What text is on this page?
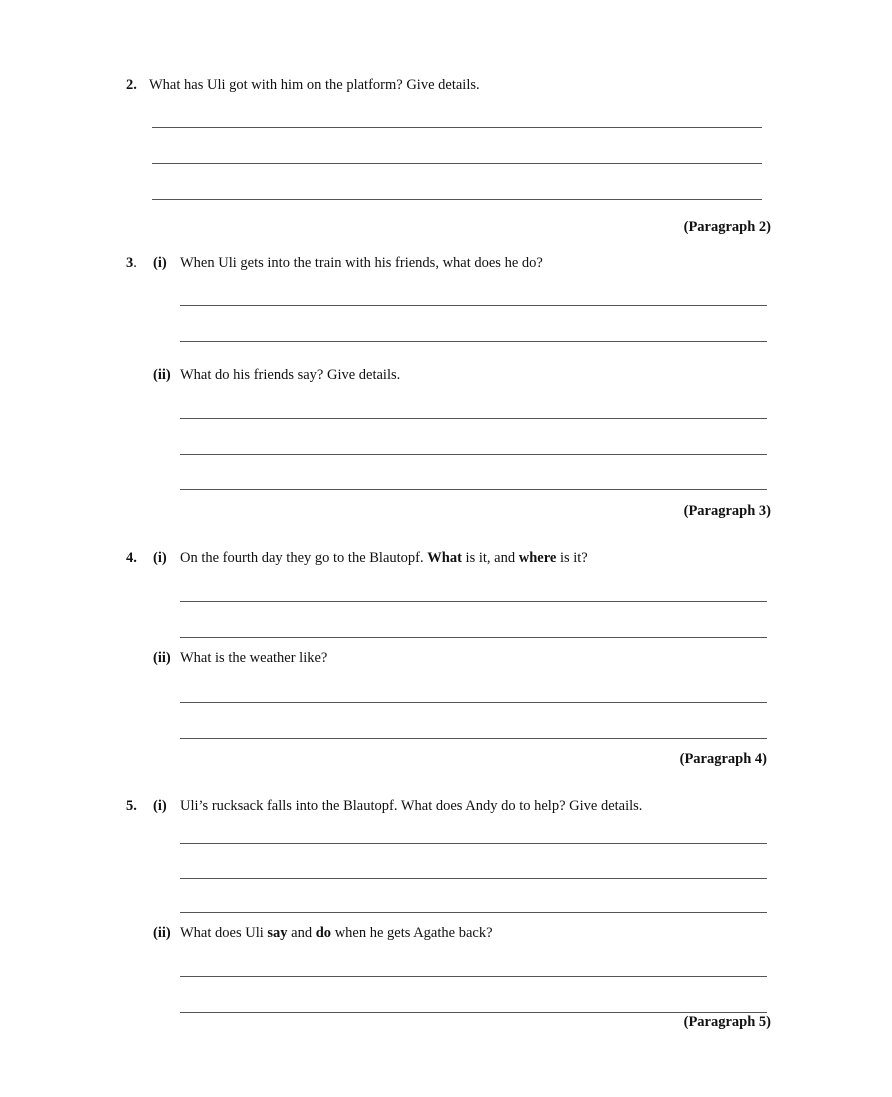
2. What has Uli got with him on the platform? Give details.
(Paragraph 2)
3. (i) When Uli gets into the train with his friends, what does he do?
(ii) What do his friends say? Give details.
(Paragraph 3)
4. (i) On the fourth day they go to the Blautopf. What is it, and where is it?
(ii) What is the weather like?
(Paragraph 4)
5. (i) Uli’s rucksack falls into the Blautopf. What does Andy do to help? Give details.
(ii) What does Uli say and do when he gets Agathe back?
(Paragraph 5)
